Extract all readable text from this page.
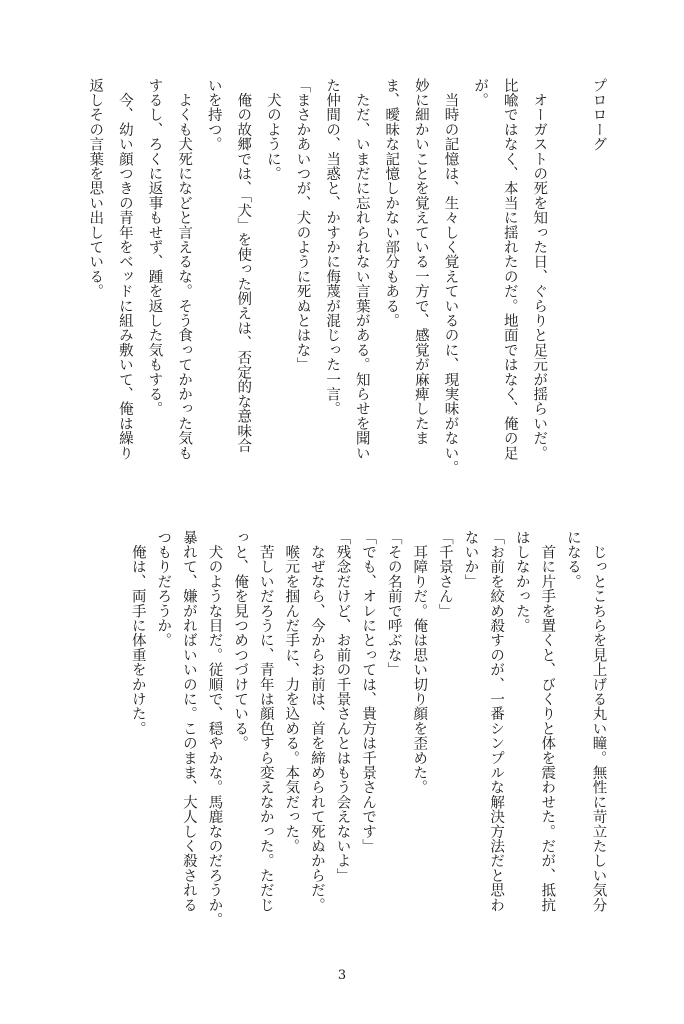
プロローグ
　オーガストの死を知った日、ぐらりと足元が揺らいだ。
比喩ではなく、本当に揺れたのだ。地面ではなく、俺の足
が。
　当時の記憶は、生々しく覚えているのに、現実味がない。
妙に細かいことを覚えている一方で、感覚が麻痺したま
ま、曖昧な記憶しかない部分もある。
　ただ、いまだに忘れられない言葉がある。知らせを聞い
た仲間の、当惑と、かすかに侮蔑が混じった一言。
「まさかあいつが、犬のように死ぬとはな」
　犬のように。
　俺の故郷では、「犬」を使った例えは、否定的な意味合
いを持つ。
　よくも犬死になどと言えるな。そう食ってかかった気も
するし、ろくに返事もせず、踵を返した気もする。
　今、幼い顔つきの青年をベッドに組み敷いて、俺は繰り
返しその言葉を思い出している。
　じっとこちらを見上げる丸い瞳。無性に苛立たしい気分
になる。
　首に片手を置くと、びくりと体を震わせた。だが、抵抗
はしなかった。
「お前を絞め殺すのが、一番シンプルな解決方法だと思わ
ないか」
「千景さん」
　耳障りだ。俺は思い切り顔を歪めた。
「その名前で呼ぶな」
「でも、オレにとっては、貴方は千景さんです」
「残念だけど、お前の千景さんとはもう会えないよ」
　なぜなら、今からお前は、首を締められて死ぬからだ。
　喉元を掴んだ手に、力を込める。本気だった。
　苦しいだろうに、青年は顔色すら変えなかった。ただじ
っと、俺を見つめつづけている。
　犬のような目だ。従順で、穏やかな。馬鹿なのだろうか。
暴れて、嫌がればいいのに。このまま、大人しく殺される
つもりだろうか。
　俺は、両手に体重をかけた。
3
